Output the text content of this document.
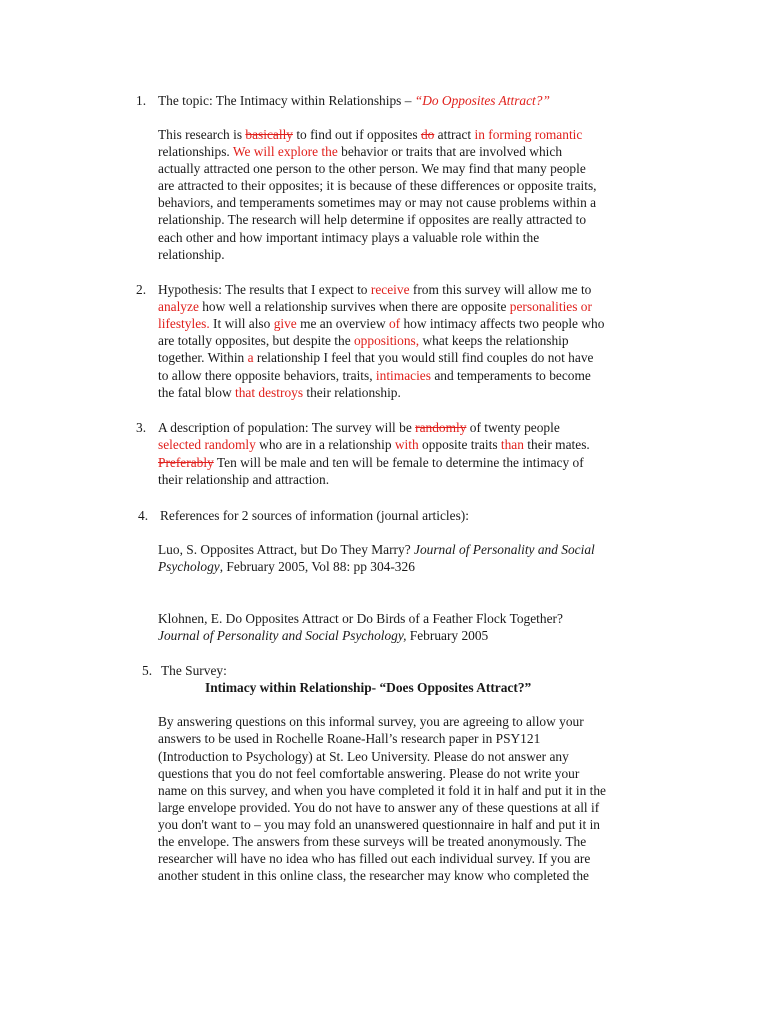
1. The topic: The Intimacy within Relationships – “Do Opposites Attract?”
This research is basically to find out if opposites do attract in forming romantic
relationships. We will explore the behavior or traits that are involved which
actually attracted one person to the other person. We may find that many people
are attracted to their opposites; it is because of these differences or opposite traits,
behaviors, and temperaments sometimes may or may not cause problems within a
relationship. The research will help determine if opposites are really attracted to
each other and how important intimacy plays a valuable role within the
relationship.
2. Hypothesis: The results that I expect to receive from this survey will allow me to
analyze how well a relationship survives when there are opposite personalities or
lifestyles. It will also give me an overview of how intimacy affects two people who
are totally opposites, but despite the oppositions, what keeps the relationship
together. Within a relationship I feel that you would still find couples do not have
to allow there opposite behaviors, traits, intimacies and temperaments to become
the fatal blow that destroys their relationship.
3. A description of population: The survey will be randomly of twenty people
selected randomly who are in a relationship with opposite traits than their mates.
Preferably Ten will be male and ten will be female to determine the intimacy of
their relationship and attraction.
4. References for 2 sources of information (journal articles):
Luo, S. Opposites Attract, but Do They Marry? Journal of Personality and Social
Psychology, February 2005, Vol 88: pp 304-326
Klohnen, E. Do Opposites Attract or Do Birds of a Feather Flock Together?
Journal of Personality and Social Psychology, February 2005
5. The Survey:
Intimacy within Relationship- “Does Opposites Attract?”
By answering questions on this informal survey, you are agreeing to allow your
answers to be used in Rochelle Roane-Hall’s research paper in PSY121
(Introduction to Psychology) at St. Leo University. Please do not answer any
questions that you do not feel comfortable answering. Please do not write your
name on this survey, and when you have completed it fold it in half and put it in the
large envelope provided. You do not have to answer any of these questions at all if
you don't want to – you may fold an unanswered questionnaire in half and put it in
the envelope. The answers from these surveys will be treated anonymously. The
researcher will have no idea who has filled out each individual survey. If you are
another student in this online class, the researcher may know who completed the
